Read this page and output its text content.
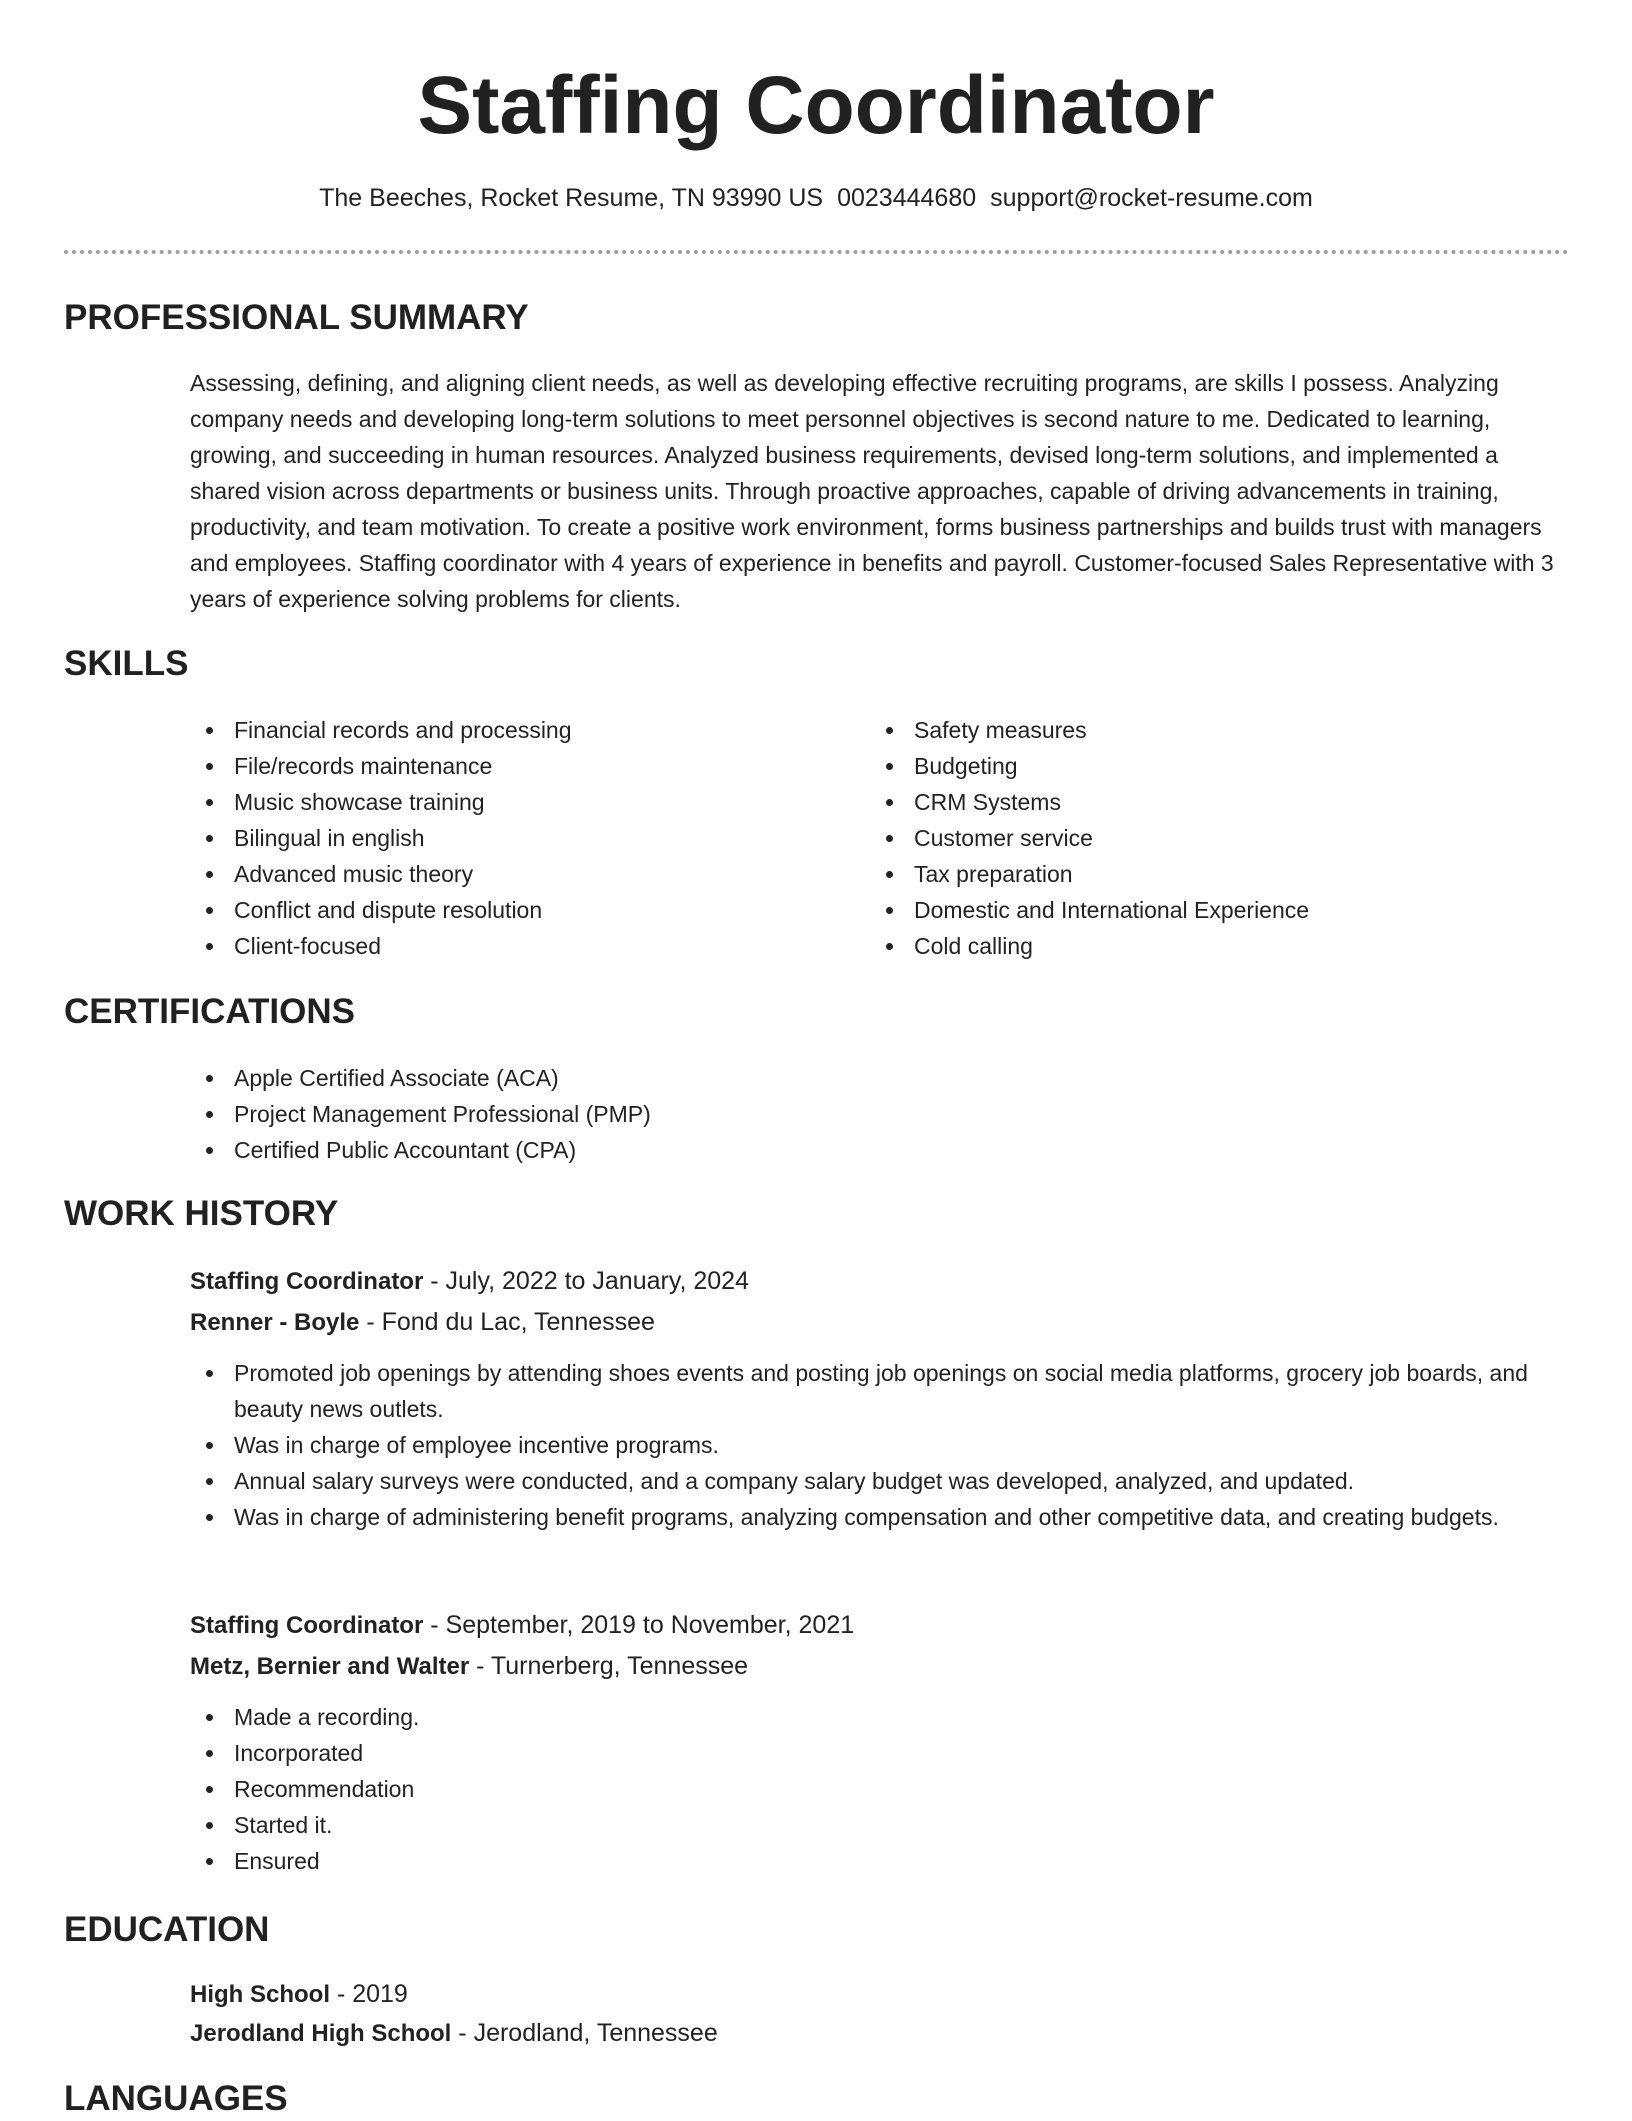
Staffing Coordinator
The Beeches, Rocket Resume, TN 93990 US 0023444680 support@rocket-resume.com
PROFESSIONAL SUMMARY

Assessing, defining, and aligning client needs, as well as developing effective recruiting programs, are skills I possess. Analyzing company needs and developing long-term solutions to meet personnel objectives is second nature to me. Dedicated to learning, growing, and succeeding in human resources. Analyzed business requirements, devised long-term solutions, and implemented a shared vision across departments or business units. Through proactive approaches, capable of driving advancements in training, productivity, and team motivation. To create a positive work environment, forms business partnerships and builds trust with managers and employees. Staffing coordinator with 4 years of experience in benefits and payroll. Customer-focused Sales Representative with 3 years of experience solving problems for clients.

SKILLS
Financial records and processing
File/records maintenance
Music showcase training
Bilingual in english
Advanced music theory
Conflict and dispute resolution
Client-focused
Safety measures
Budgeting
CRM Systems
Customer service
Tax preparation
Domestic and International Experience
Cold calling
CERTIFICATIONS
Apple Certified Associate (ACA)
Project Management Professional (PMP)
Certified Public Accountant (CPA)
WORK HISTORY
Staffing Coordinator - July, 2022 to January, 2024
Renner - Boyle - Fond du Lac, Tennessee
Promoted job openings by attending shoes events and posting job openings on social media platforms, grocery job boards, and beauty news outlets.
Was in charge of employee incentive programs.
Annual salary surveys were conducted, and a company salary budget was developed, analyzed, and updated.
Was in charge of administering benefit programs, analyzing compensation and other competitive data, and creating budgets.
Staffing Coordinator - September, 2019 to November, 2021
Metz, Bernier and Walter - Turnerberg, Tennessee
Made a recording.
Incorporated
Recommendation
Started it.
Ensured
EDUCATION
High School - 2019
Jerodland High School - Jerodland, Tennessee
LANGUAGES
